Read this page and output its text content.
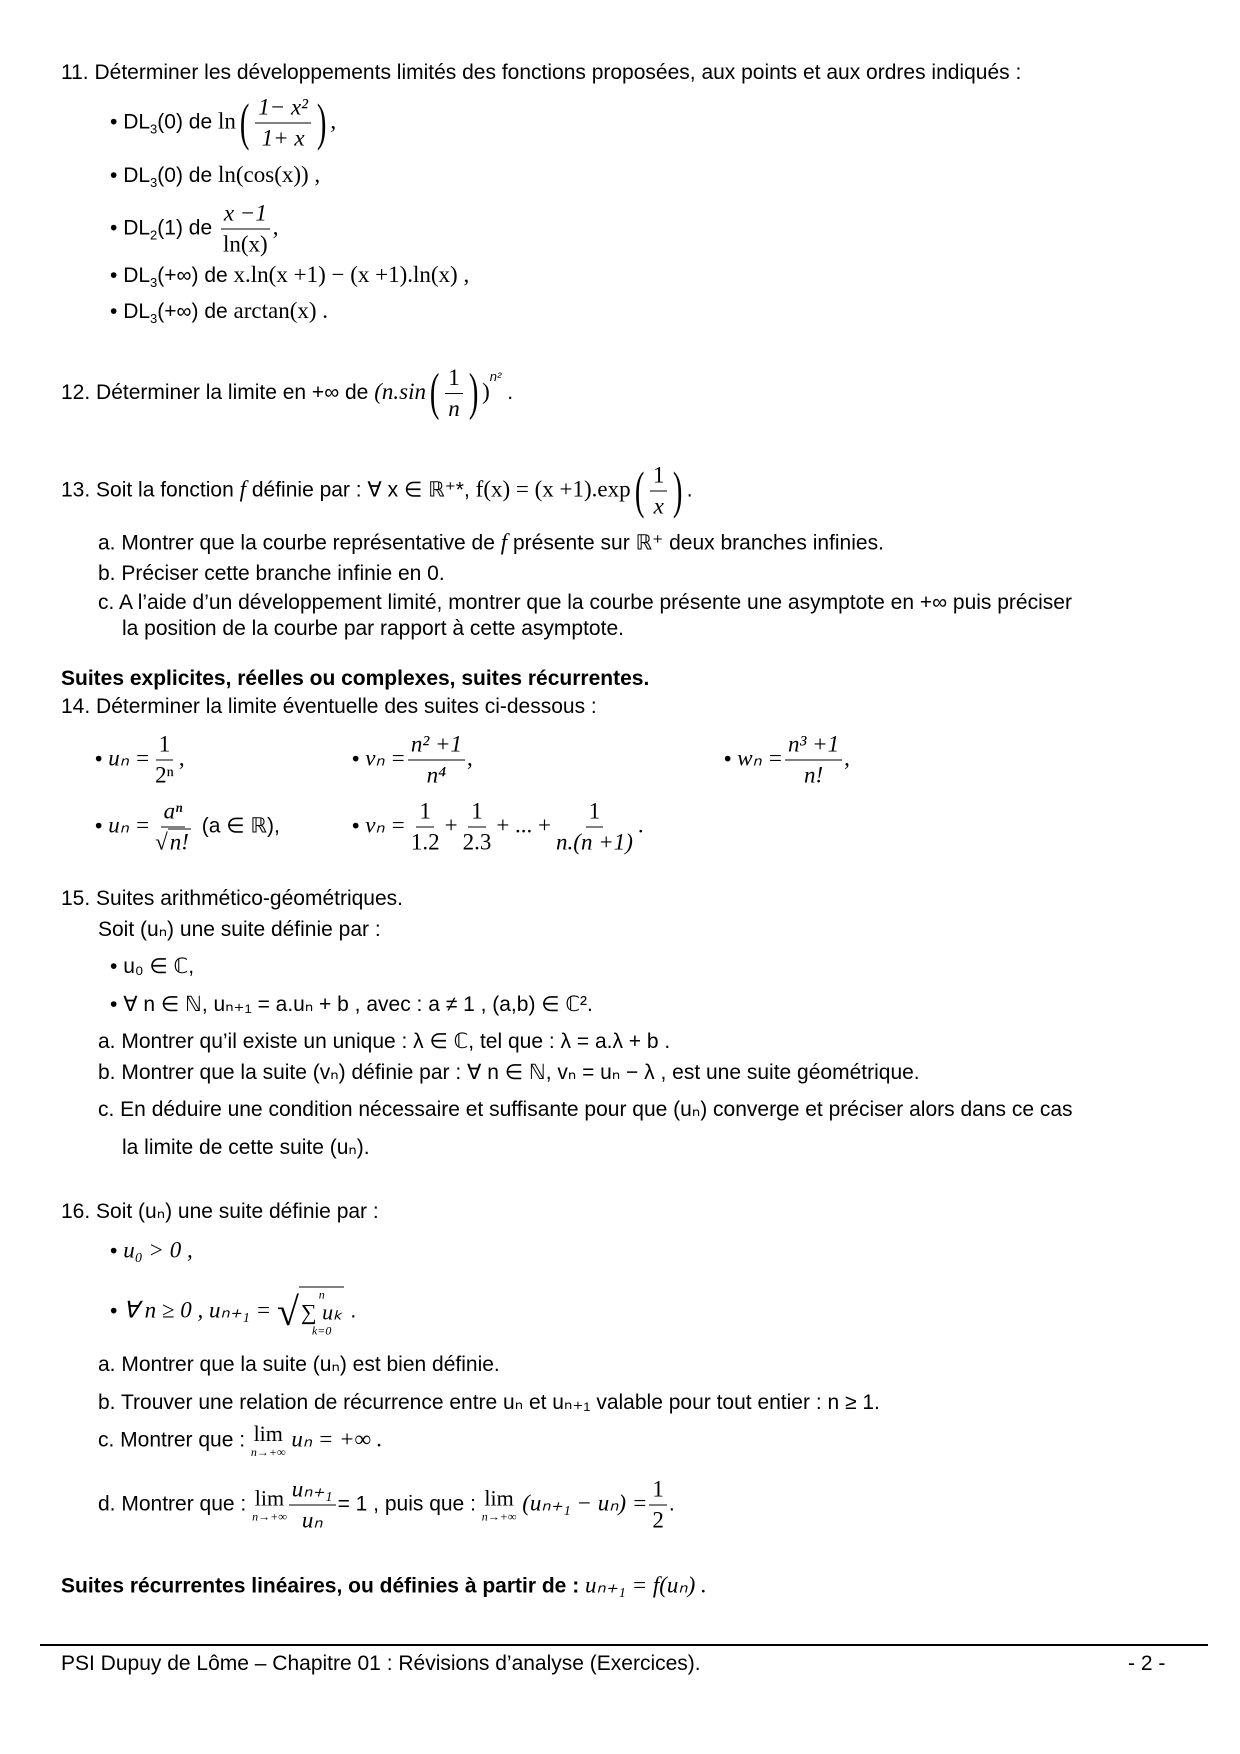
11. Déterminer les développements limités des fonctions proposées, aux points et aux ordres indiqués :
• $DL_3(0)$ de $\ln( \frac{\text{1− x²}}{1+ x}$ ) ,
• $DL_3(0)$ de ln(cos(x)) ,
• $DL_2(1)$ de $\frac{x -1}{\ln(x)}$ ,
• $DL_3(+\infty)$ de x.ln(x +1) − (x +1).ln(x) ,
• $DL_3(+\infty)$ de arctan(x) .
12. Déterminer la limite en +∞ de ($n.\sin( \frac{1}{n}$ ) )$^{n^2}$ .
13. Soit la fonction f définie par : ∀ x ∈ ℝ⁺*, $f(x) = (x +1).\exp( \frac{1}{x}$ ) .
a. Montrer que la courbe représentative de f présente sur ℝ⁺ deux branches infinies.
b. Préciser cette branche infinie en 0.
c. A l’aide d’un développement limité, montrer que la courbe présente une asymptote en +∞ puis préciser
la position de la courbe par rapport à cette asymptote.
Suites explicites, réelles ou complexes, suites récurrentes.
14. Déterminer la limite éventuelle des suites ci-dessous :
• $u_n = \frac{1}{\text{2ⁿ}}$ ,	• $v_n = \frac{\text{n² +1}}{\text{n⁴}}$ ,	• $w_n = \frac{\text{n³ +1}}{n!}$ ,
• $u_n = \frac{\text{aⁿ}}{√n!} (a$ ∈ ℝ),	• $v_n = \frac{1}{1.2} + \frac{1}{2.3}$ + ... + $\frac{1}{n.(n +1)}$ .
15. Suites arithmético-géométriques.
Soit (uₙ) une suite définie par :
• u₀ ∈ ℂ,
• ∀ n ∈ ℕ, uₙ₊₁ = a.uₙ + b , avec : a ≠ 1 , (a,b) ∈ ℂ².
a. Montrer qu’il existe un unique : λ ∈ ℂ, tel que : λ = a.λ + b .
b. Montrer que la suite (vₙ) définie par : ∀ n ∈ ℕ, vₙ = uₙ − λ , est une suite géométrique.
c. En déduire une condition nécessaire et suffisante pour que (uₙ) converge et préciser alors dans ce cas
la limite de cette suite (uₙ).
16. Soit (uₙ) une suite définie par :
• u₀ > 0 ,
• ∀ n ≥ 0 , uₙ₊₁ = √ n
∑ uₖ
k=0
.
a. Montrer que la suite (uₙ) est bien définie.
b. Trouver une relation de récurrence entre uₙ et uₙ₊₁ valable pour tout entier : n ≥ 1.
c. Montrer que : lim
n→+∞
uₙ = +∞ .
d. Montrer que : lim
$n\to+\infty \frac{\text{uₙ₊₁}}{\text{uₙ}} = 1$ , puis que : lim
n→+∞
$(u_{n+1} - u_n) = \frac{1}{2}$ .
Suites récurrentes linéaires, ou définies à partir de : uₙ₊₁ = f(uₙ) .
PSI Dupuy de Lôme – Chapitre 01 : Révisions d’analyse (Exercices).	- 2 -
